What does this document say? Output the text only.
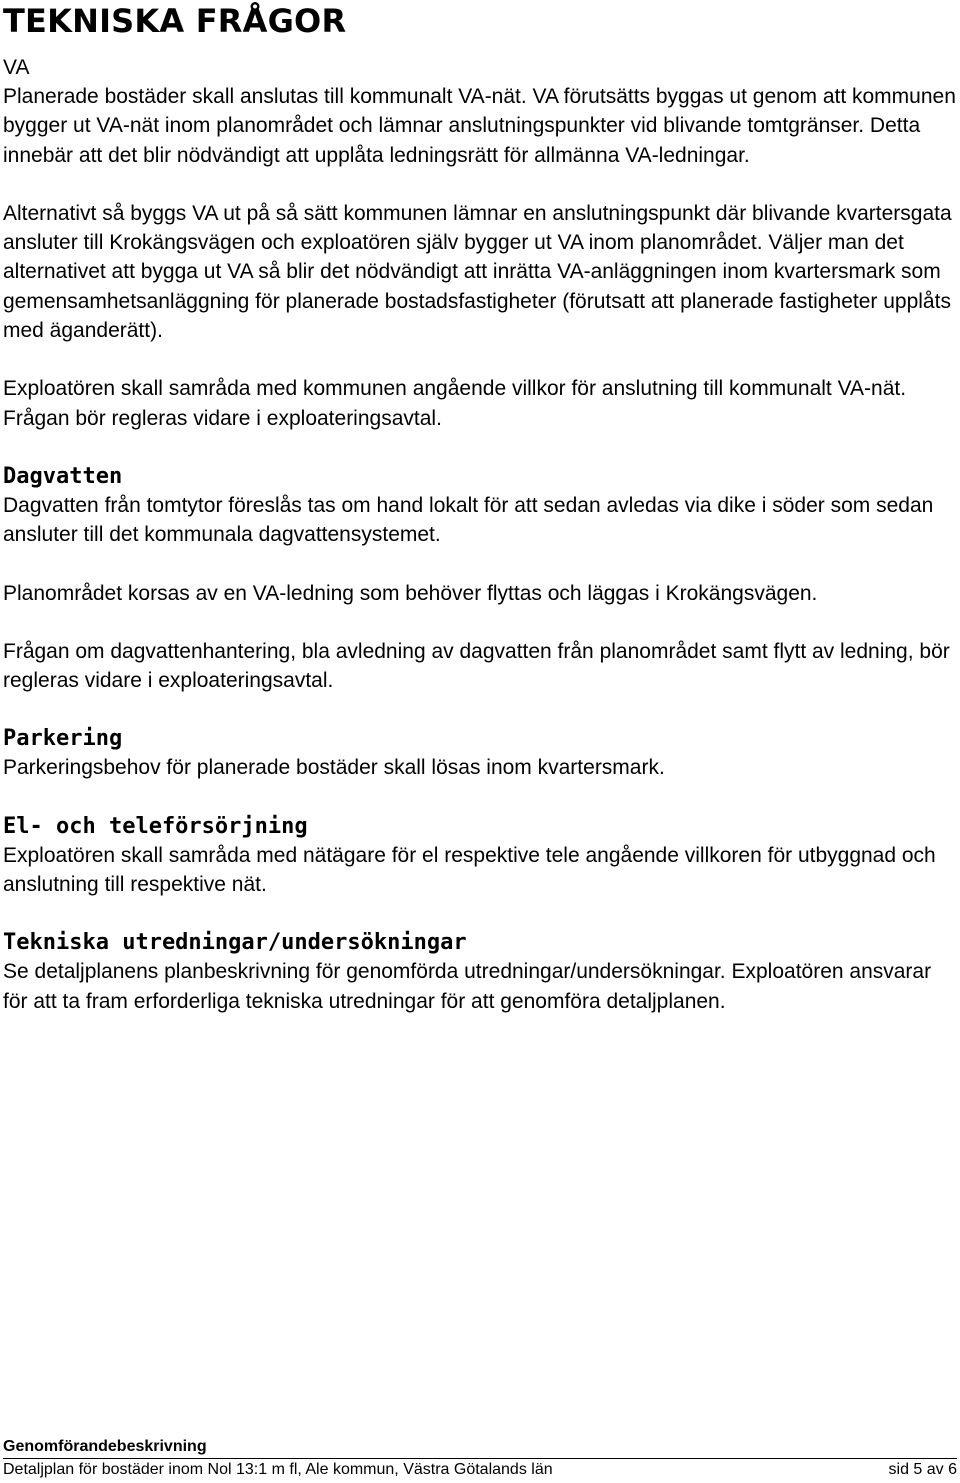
TEKNISKA FRÅGOR
VA

Planerade bostäder skall anslutas till kommunalt VA-nät. VA förutsätts byggas ut genom att kommunen bygger ut VA-nät inom planområdet och lämnar anslutningspunkter vid blivande tomtgränser. Detta innebär att det blir nödvändigt att upplåta ledningsrätt för allmänna VA-ledningar.

Alternativt så byggs VA ut på så sätt kommunen lämnar en anslutningspunkt där blivande kvartersgata ansluter till Krokängsvägen och exploatören själv bygger ut VA inom planområdet. Väljer man det alternativet att bygga ut VA så blir det nödvändigt att inrätta VA-anläggningen inom kvartersmark som gemensamhetsanläggning för planerade bostadsfastigheter (förutsatt att planerade fastigheter upplåts med äganderätt).

Exploatören skall samråda med kommunen angående villkor för anslutning till kommunalt VA-nät. Frågan bör regleras vidare i exploateringsavtal.

Dagvatten

Dagvatten från tomtytor föreslås tas om hand lokalt för att sedan avledas via dike i söder som sedan ansluter till det kommunala dagvattensystemet.

Planområdet korsas av en VA-ledning som behöver flyttas och läggas i Krokängsvägen.

Frågan om dagvattenhantering, bla avledning av dagvatten från planområdet samt flytt av ledning, bör regleras vidare i exploateringsavtal.

Parkering

Parkeringsbehov för planerade bostäder skall lösas inom kvartersmark.

El- och teleförsörjning

Exploatören skall samråda med nätägare för el respektive tele angående villkoren för utbyggnad och anslutning till respektive nät.

Tekniska utredningar/undersökningar

Se detaljplanens planbeskrivning för genomförda utredningar/undersökningar. Exploatören ansvarar för att ta fram erforderliga tekniska utredningar för att genomföra detaljplanen.

Genomförandebeskrivning
Detaljplan för bostäder inom Nol 13:1 m fl, Ale kommun, Västra Götalands län	sid 5 av 6
